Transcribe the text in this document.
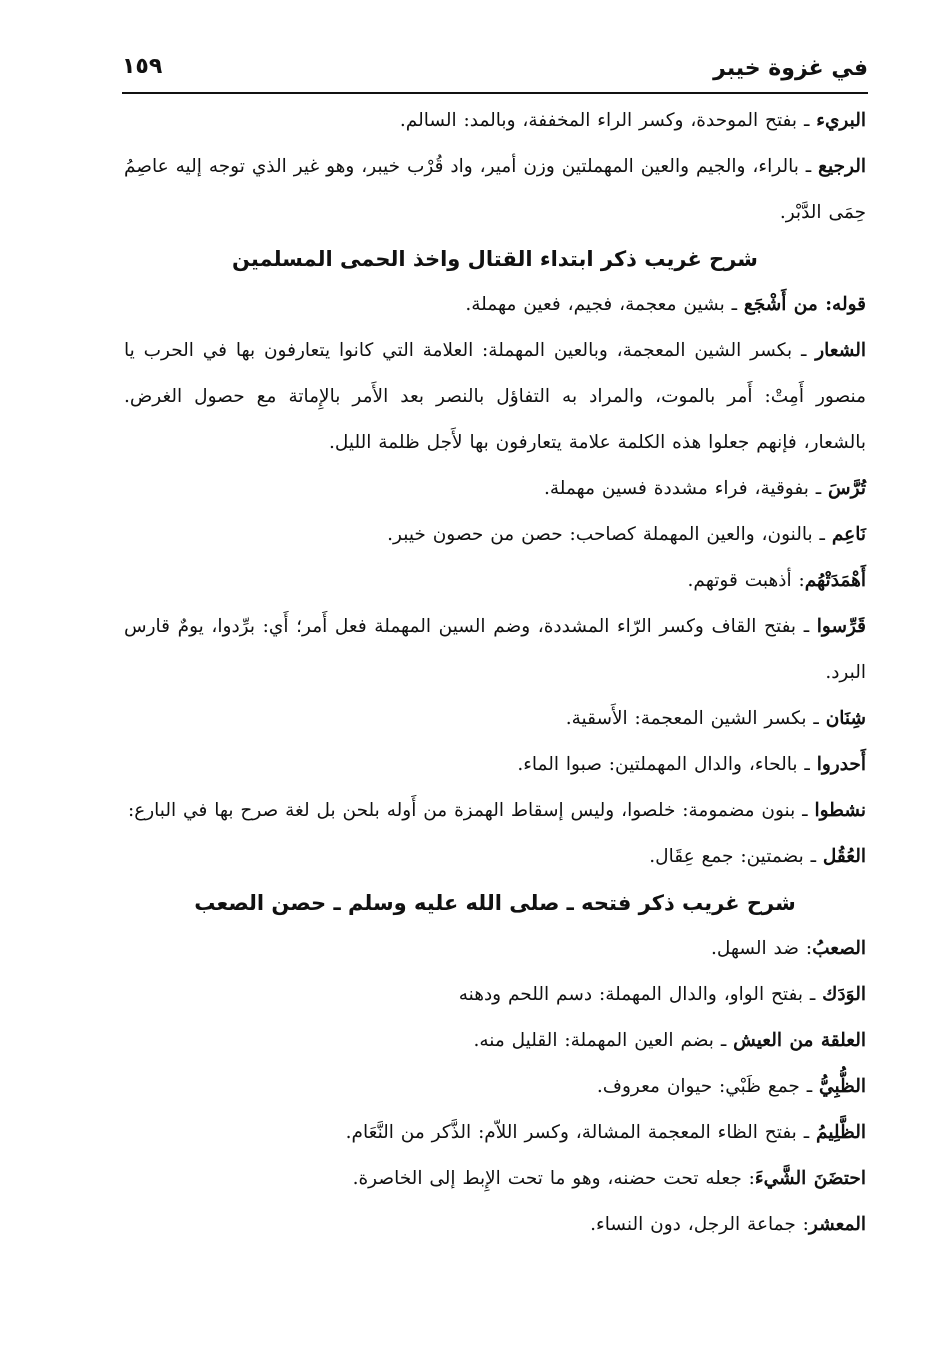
في غزوة خيبر
١٥٩

البريء ـ بفتح الموحدة، وكسر الراء المخففة، وبالمد: السالم.

الرجيع ـ بالراء، والجيم والعين المهملتين وزن أمير، واد قُرْب خيبر، وهو غير الذي توجه إليه عاصِمُ حِمَى الدَّبْر.

شرح غريب ذكر ابتداء القتال واخذ الحمى المسلمين

قوله: من أَشْجَع ـ بشين معجمة، فجيم، فعين مهملة.

الشعار ـ بكسر الشين المعجمة، وبالعين المهملة: العلامة التي كانوا يتعارفون بها في الحرب يا منصور أَمِتْ: أَمر بالموت، والمراد به التفاؤل بالنصر بعد الأَمر بالإِماتة مع حصول الغرض. بالشعار، فإنهم جعلوا هذه الكلمة علامة يتعارفون بها لأَجل ظلمة الليل.

تُرَّسَ ـ بفوقية، فراء مشددة فسين مهملة.

نَاعِم ـ بالنون، والعين المهملة كصاحب: حصن من حصون خيبر.

أَهْمَدَتْهُم: أذهبت قوتهم.

قَرِّسوا ـ بفتح القاف وكسر الرّاء المشددة، وضم السين المهملة فعل أَمر؛ أَي: برِّدوا، يومٌ قارس البرد.

شِنَان ـ بكسر الشين المعجمة: الأَسقية.

أَحدروا ـ بالحاء، والدال المهملتين: صبوا الماء.

نشطوا ـ بنون مضمومة: خلصوا، وليس إسقاط الهمزة من أَوله بلحن بل لغة صرح بها في البارع:

العُقُل ـ بضمتين: جمع عِقَال.

شرح غريب ذكر فتحه ـ صلى الله عليه وسلم ـ حصن الصعب

الصعبُ: ضد السهل.

الوَدَك ـ بفتح الواو، والدال المهملة: دسم اللحم ودهنه

العلقة من العيش ـ بضم العين المهملة: القليل منه.

الظُّبِيُّ ـ جمع ظَبْي: حيوان معروف.

الظَّلِيمُ ـ بفتح الظاء المعجمة المشالة، وكسر اللاّم: الذَّكر من النَّعَام.

احتضَنَ الشَّيءَ: جعله تحت حضنه، وهو ما تحت الإِبط إلى الخاصرة.

المعشر: جماعة الرجل، دون النساء.
